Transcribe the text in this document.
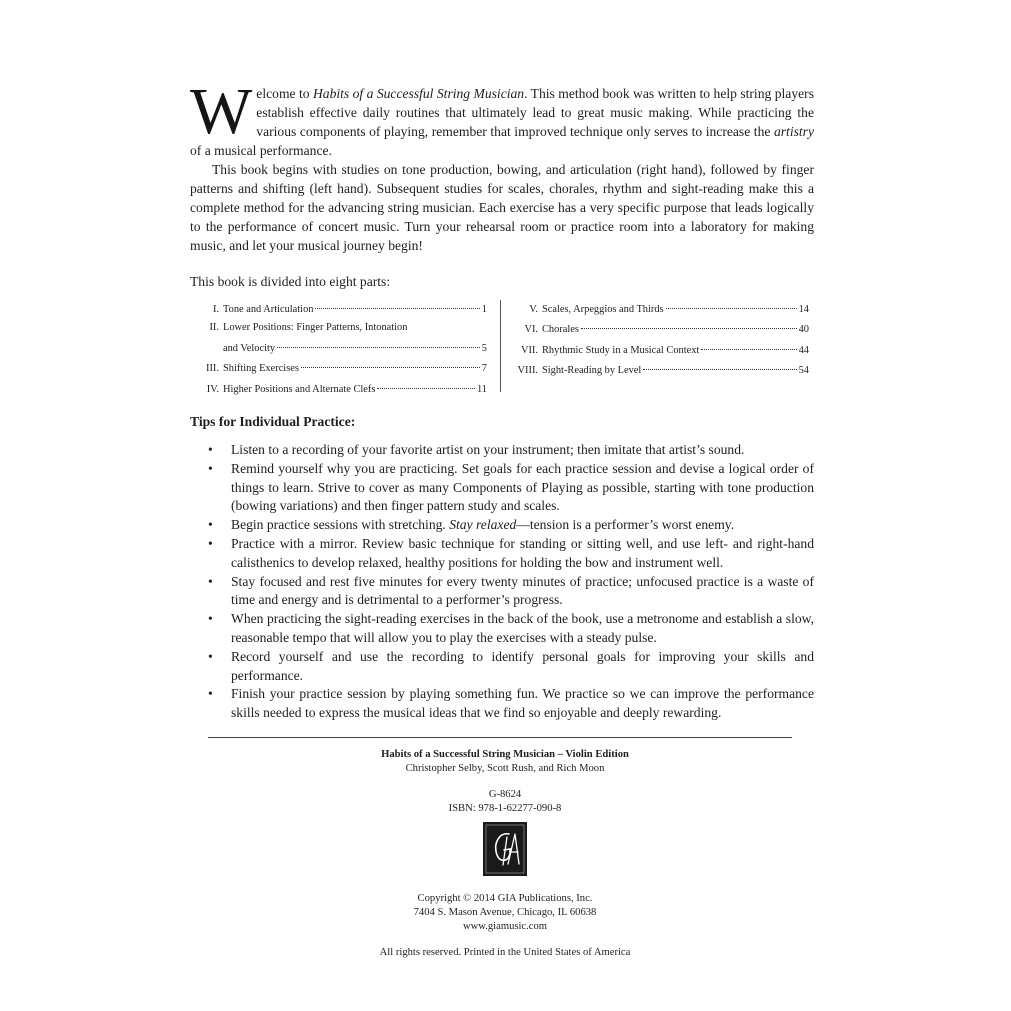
Welcome to Habits of a Successful String Musician. This method book was written to help string players establish effective daily routines that ultimately lead to great music making. While practicing the various components of playing, remember that improved technique only serves to increase the artistry of a musical performance.

This book begins with studies on tone production, bowing, and articulation (right hand), followed by finger patterns and shifting (left hand). Subsequent studies for scales, chorales, rhythm and sight-reading make this a complete method for the advancing string musician. Each exercise has a very specific purpose that leads logically to the performance of concert music. Turn your rehearsal room or practice room into a laboratory for making music, and let your musical journey begin!

This book is divided into eight parts:

I. Tone and Articulation	1
II. Lower Positions: Finger Patterns, Intonation
and Velocity	5
III. Shifting Exercises	7
IV. Higher Positions and Alternate Clefs	11
V. Scales, Arpeggios and Thirds	14
VI. Chorales	40
VII. Rhythmic Study in a Musical Context	44
VIII. Sight-Reading by Level	54
Tips for Individual Practice:
• Listen to a recording of your favorite artist on your instrument; then imitate that artist’s sound.
• Remind yourself why you are practicing. Set goals for each practice session and devise a logical order of things to learn. Strive to cover as many Components of Playing as possible, starting with tone production (bowing variations) and then finger pattern study and scales.
• Begin practice sessions with stretching. Stay relaxed—tension is a performer’s worst enemy.
• Practice with a mirror. Review basic technique for standing or sitting well, and use left- and right-hand calisthenics to develop relaxed, healthy positions for holding the bow and instrument well.
• Stay focused and rest five minutes for every twenty minutes of practice; unfocused practice is a waste of time and energy and is detrimental to a performer’s progress.
• When practicing the sight-reading exercises in the back of the book, use a metronome and establish a slow, reasonable tempo that will allow you to play the exercises with a steady pulse.
• Record yourself and use the recording to identify personal goals for improving your skills and performance.
• Finish your practice session by playing something fun. We practice so we can improve the performance skills needed to express the musical ideas that we find so enjoyable and deeply rewarding.
Habits of a Successful String Musician – Violin Edition
Christopher Selby, Scott Rush, and Rich Moon
G-8624
ISBN: 978-1-62277-090-8
Copyright © 2014 GIA Publications, Inc.
7404 S. Mason Avenue, Chicago, IL 60638
www.giamusic.com
All rights reserved. Printed in the United States of America
